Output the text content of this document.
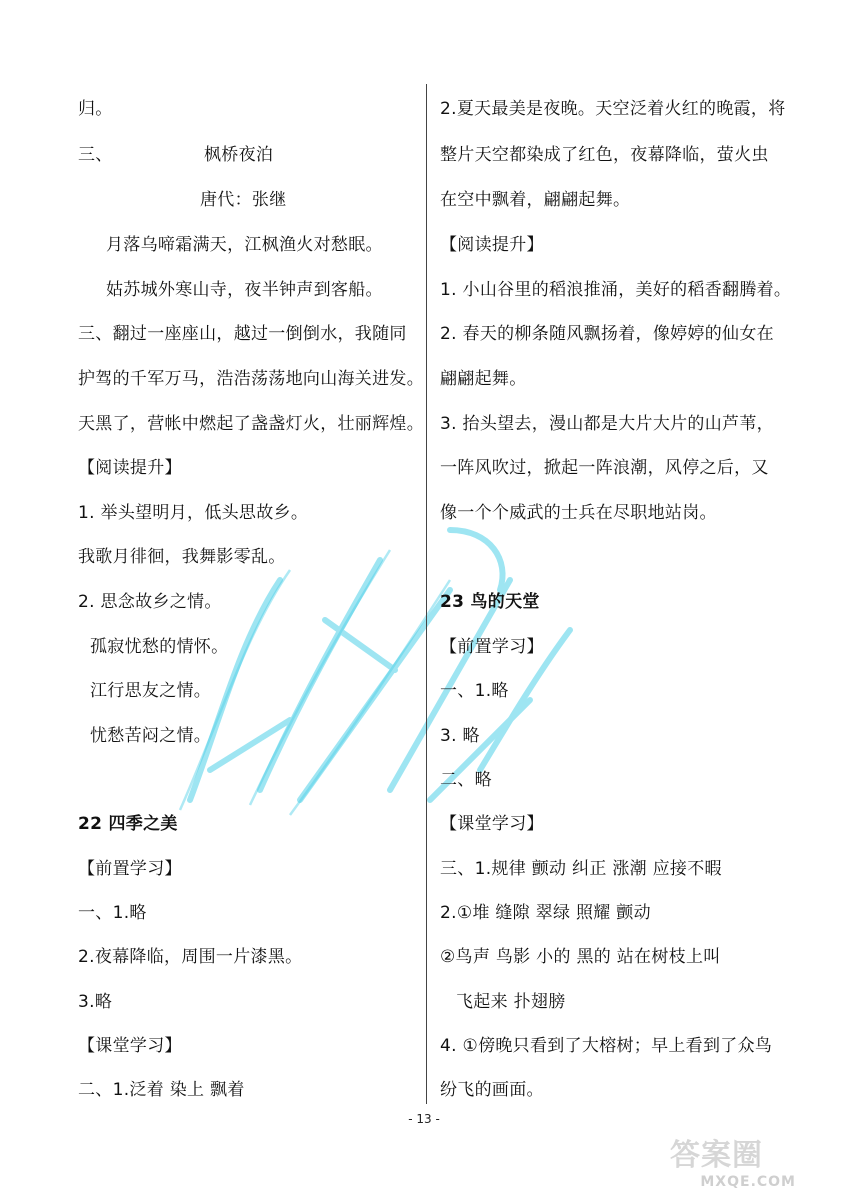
归。
三、	枫桥夜泊
唐代：张继
月落乌啼霜满天，江枫渔火对愁眠。
姑苏城外寒山寺，夜半钟声到客船。
三、翻过一座座山，越过一倒倒水，我随同
护驾的千军万马，浩浩荡荡地向山海关进发。
天黑了，营帐中燃起了盏盏灯火，壮丽辉煌。
【阅读提升】
1. 举头望明月，低头思故乡。
我歌月徘徊，我舞影零乱。
2. 思念故乡之情。
孤寂忧愁的情怀。
江行思友之情。
忧愁苦闷之情。
22 四季之美
【前置学习】
一、1.略
2.夜幕降临，周围一片漆黑。
3.略
【课堂学习】
二、1.泛着 染上 飘着
2.夏天最美是夜晚。天空泛着火红的晚霞，将
整片天空都染成了红色，夜幕降临，萤火虫
在空中飘着，翩翩起舞。
【阅读提升】
1. 小山谷里的稻浪推涌，美好的稻香翻腾着。
2. 春天的柳条随风飘扬着，像婷婷的仙女在
翩翩起舞。
3. 抬头望去，漫山都是大片大片的山芦苇，
一阵风吹过，掀起一阵浪潮，风停之后，又
像一个个威武的士兵在尽职地站岗。
23 鸟的天堂
【前置学习】
一、1.略
3. 略
二、略
【课堂学习】
三、1.规律 颤动 纠正 涨潮 应接不暇
2.①堆 缝隙 翠绿 照耀 颤动
②鸟声 鸟影 小的 黑的 站在树枝上叫
飞起来 扑翅膀
4. ①傍晚只看到了大榕树；早上看到了众鸟
纷飞的画面。
- 13 -
答案圈
MXQE.COM
